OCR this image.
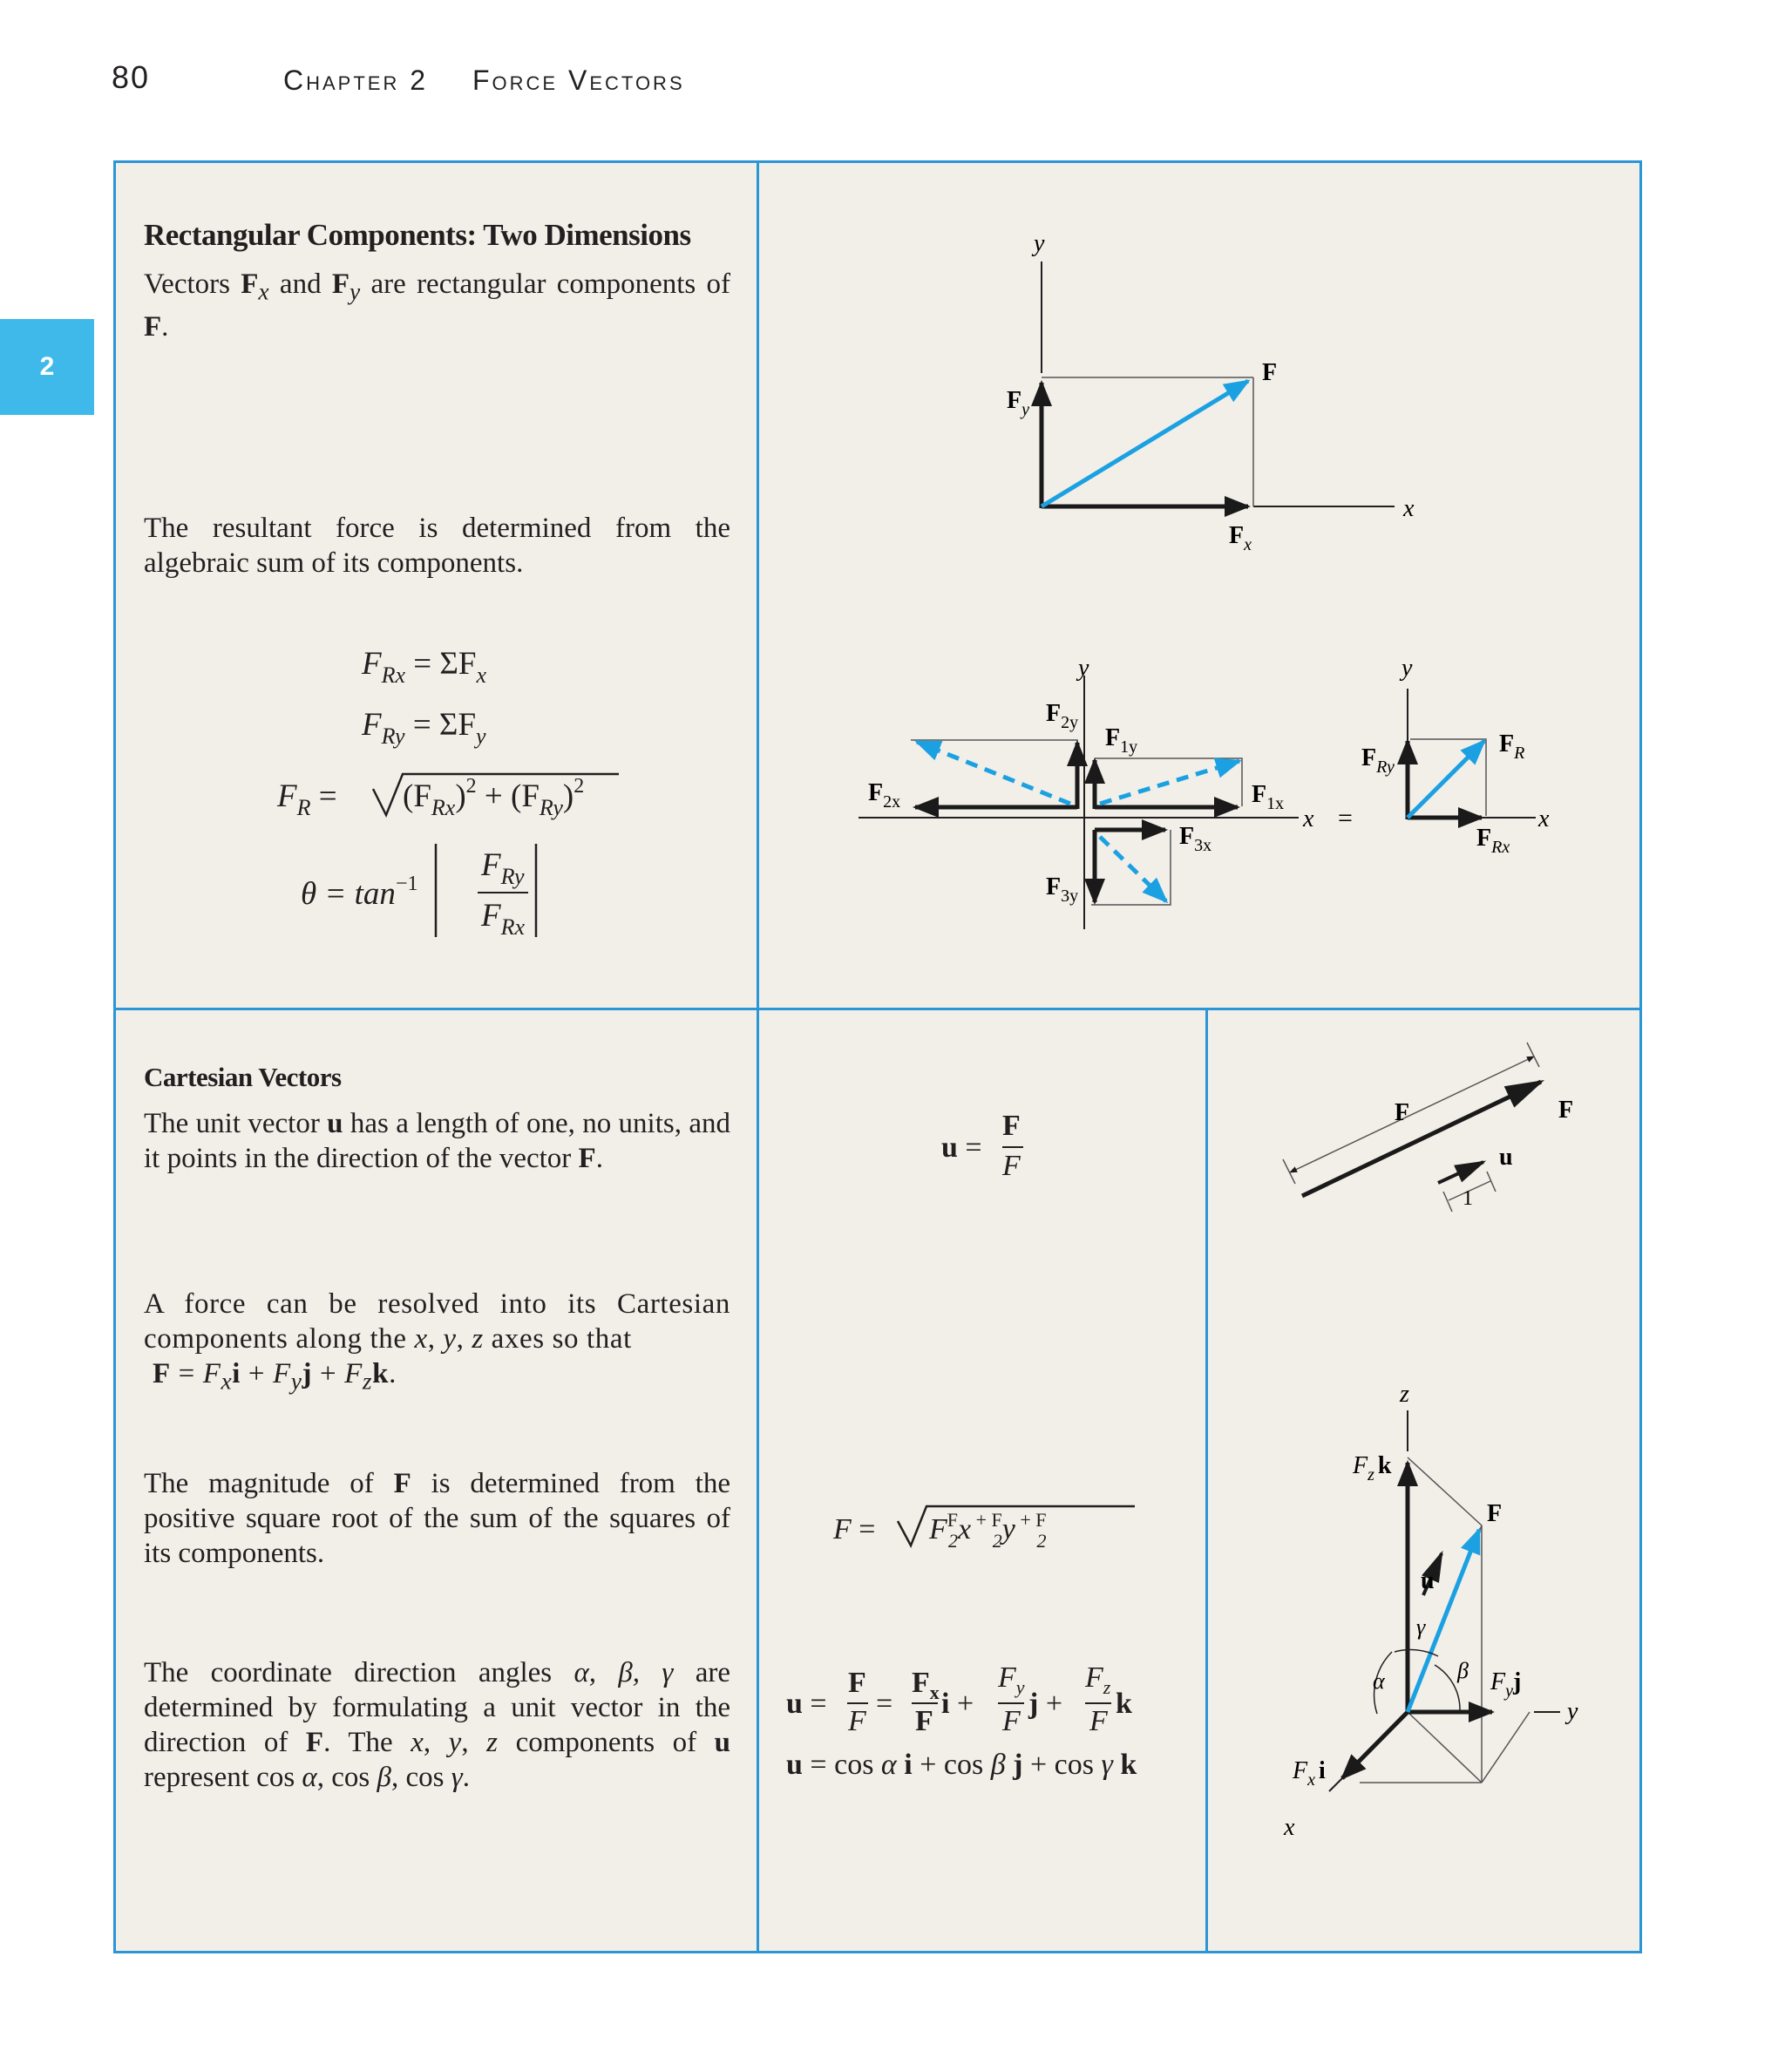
80	Chapter 2 Force Vectors
2
Rectangular Components: Two Dimensions
Vectors $F_x$ and $F_y$ are rectangular components of F.
The resultant force is determined from the algebraic sum of its components.
Cartesian Vectors
The unit vector u has a length of one, no units, and it points in the direction of the vector F.
A force can be resolved into its Cartesian components along the x, y, z axes so that
$F = F_xi + F_yj + F_zk$.
The magnitude of F is determined from the positive square root of the sum of the squares of its components.
The coordinate direction angles α, β, γ are determined by formulating a unit vector in the direction of F. The x, y, z components of u represent cos α, cos β, cos γ.
$F_{Rx} = \Sigma F_x$
$F_{Ry} = \Sigma F_y$
$F_R = (F_{Rx})^2 + (F_{Ry})^2$
$\theta = \tan^{-1}$
$F_{Ry}$
$F_{Rx}$
y
x
F
$F_y$
$F_x$
y
x
$F_{1y}$
$F_{2y}$
$F_{2x}$	$F_{1x}$
$F_{3x}$
$F_{3y}$
=
y
x
$F_{Ry}$
$F_R$
$F_{Rx}$
u =
F
F
$F = F^F$ 2x $^{+ F}$ 2y $^{+ F}$ 2
u =
F
F
=
$F_x$
F
i +
$F_y$
F
j +
$F_z$
F
k
u = cos α i + cos β j + cos γ k
F	F
u
1
z
$F_z$ k
F
u
γ
α	β $F_yj$
y
$F_x$ i
x
